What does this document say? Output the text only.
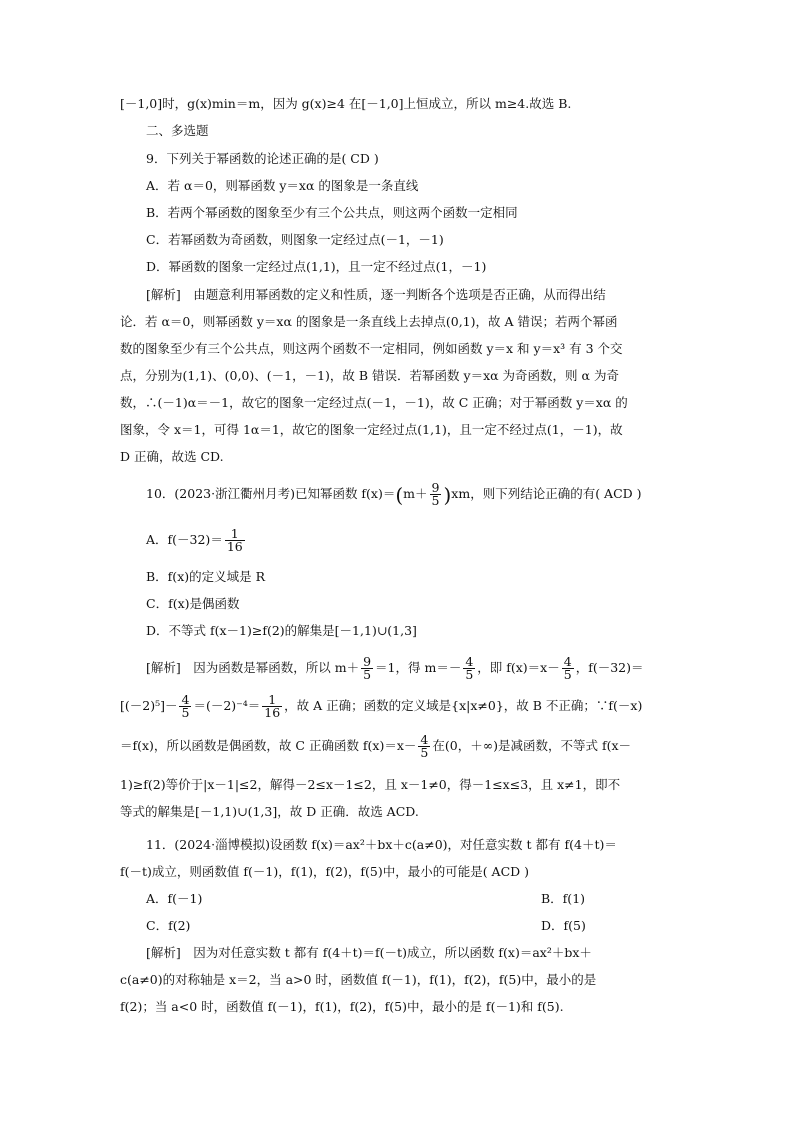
[－1,0]时，g(x)min＝m，因为 g(x)≥4 在[－1,0]上恒成立，所以 m≥4.故选 B.
二、多选题
9．下列关于幂函数的论述正确的是( CD )
A．若 α＝0，则幂函数 y＝xα 的图象是一条直线
B．若两个幂函数的图象至少有三个公共点，则这两个函数一定相同
C．若幂函数为奇函数，则图象一定经过点(－1，－1)
D．幂函数的图象一定经过点(1,1)，且一定不经过点(1，－1)
[解析]　由题意利用幂函数的定义和性质，逐一判断各个选项是否正确，从而得出结
论．若 α＝0，则幂函数 y＝xα 的图象是一条直线上去掉点(0,1)，故 A 错误；若两个幂函
数的图象至少有三个公共点，则这两个函数不一定相同，例如函数 y＝x 和 y＝x³ 有 3 个交
点，分别为(1,1)、(0,0)、(－1，－1)，故 B 错误．若幂函数 y＝xα 为奇函数，则 α 为奇
数，∴(－1)α＝－1，故它的图象一定经过点(－1，－1)，故 C 正确；对于幂函数 y＝xα 的
图象，令 x＝1，可得 1α＝1，故它的图象一定经过点(1,1)，且一定不经过点(1，－1)，故
D 正确，故选 CD.
10．(2023·浙江衢州月考)已知幂函数 $f(x)=(m+ \frac{9}{5} )xm$，则下列结论正确的有( ACD )
A．$f(-32)= \frac{1}{16}$
B．f(x)的定义域是 R
C．f(x)是偶函数
D．不等式 f(x－1)≥f(2)的解集是[－1,1)∪(1,3]
[解析]　因为函数是幂函数，所以 $m+ \frac{9}{5} =1$，得 $m=- \frac{4}{5}$ ，即 $f(x)=x- \frac{4}{5}$ ，f(－32)＝
$[(-2)^5]- \frac{4}{5} =(-2)^{-4}= \frac{1}{16}$ ，故 A 正确；函数的定义域是{x|x≠0}，故 B 不正确；∵f(－x)
＝f(x)，所以函数是偶函数，故 C 正确函数 $f(x)=x- \frac{4}{5}$ 在(0，＋∞)是减函数，不等式 f(x－
1)≥f(2)等价于|x－1|≤2，解得－2≤x－1≤2，且 x－1≠0，得－1≤x≤3，且 x≠1，即不
等式的解集是[－1,1)∪(1,3]，故 D 正确．故选 ACD.
11．(2024·淄博模拟)设函数 f(x)＝ax²＋bx＋c(a≠0)，对任意实数 t 都有 f(4＋t)＝
f(－t)成立，则函数值 f(－1)，f(1)，f(2)，f(5)中，最小的可能是( ACD )
A．f(－1)	B．f(1)
C．f(2)	D．f(5)
[解析]　因为对任意实数 t 都有 f(4＋t)＝f(－t)成立，所以函数 f(x)＝ax²＋bx＋
c(a≠0)的对称轴是 x＝2，当 a>0 时，函数值 f(－1)，f(1)，f(2)，f(5)中，最小的是
f(2)；当 a<0 时，函数值 f(－1)，f(1)，f(2)，f(5)中，最小的是 f(－1)和 f(5).
